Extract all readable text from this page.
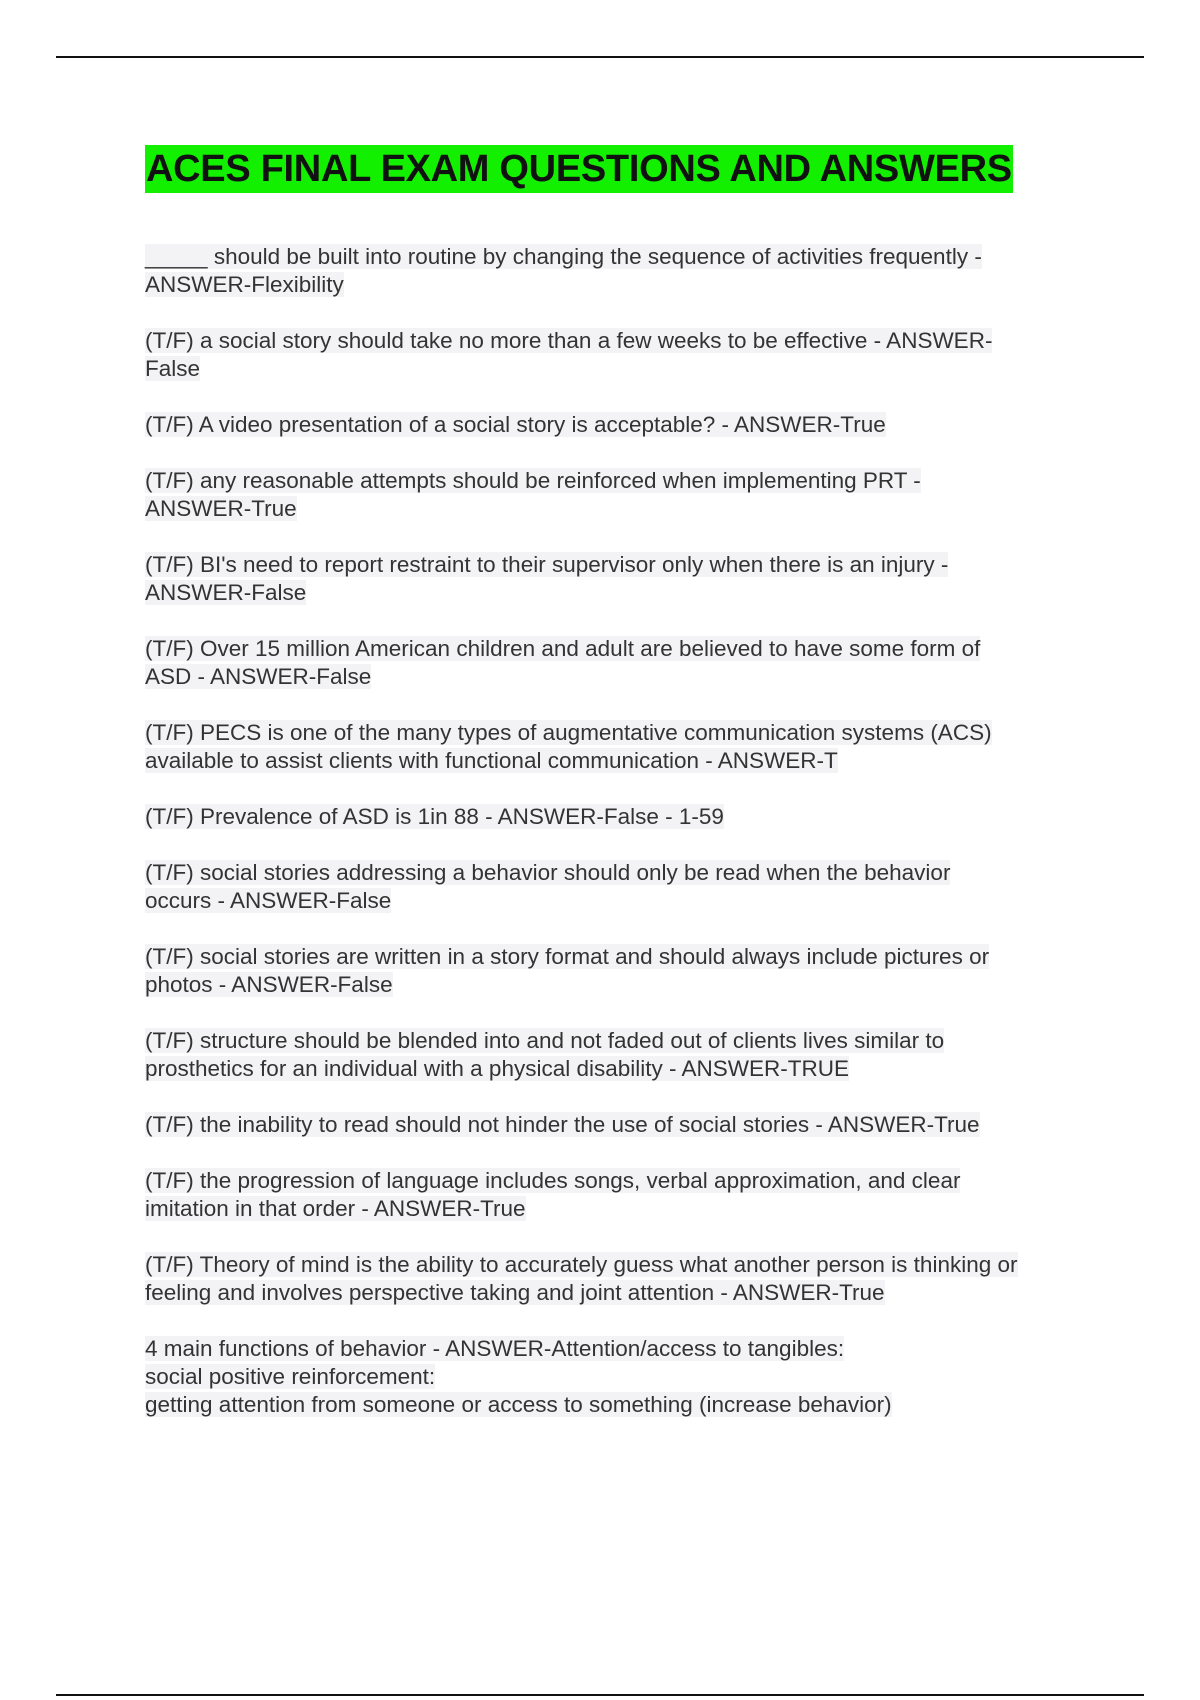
ACES FINAL EXAM QUESTIONS AND ANSWERS
_____ should be built into routine by changing the sequence of activities frequently -
ANSWER-Flexibility
(T/F) a social story should take no more than a few weeks to be effective - ANSWER-
False
(T/F) A video presentation of a social story is acceptable? - ANSWER-True
(T/F) any reasonable attempts should be reinforced when implementing PRT -
ANSWER-True
(T/F) BI's need to report restraint to their supervisor only when there is an injury -
ANSWER-False
(T/F) Over 15 million American children and adult are believed to have some form of
ASD - ANSWER-False
(T/F) PECS is one of the many types of augmentative communication systems (ACS)
available to assist clients with functional communication - ANSWER-T
(T/F) Prevalence of ASD is 1in 88 - ANSWER-False - 1-59
(T/F) social stories addressing a behavior should only be read when the behavior
occurs - ANSWER-False
(T/F) social stories are written in a story format and should always include pictures or
photos - ANSWER-False
(T/F) structure should be blended into and not faded out of clients lives similar to
prosthetics for an individual with a physical disability - ANSWER-TRUE
(T/F) the inability to read should not hinder the use of social stories - ANSWER-True
(T/F) the progression of language includes songs, verbal approximation, and clear
imitation in that order - ANSWER-True
(T/F) Theory of mind is the ability to accurately guess what another person is thinking or
feeling and involves perspective taking and joint attention - ANSWER-True
4 main functions of behavior - ANSWER-Attention/access to tangibles:
social positive reinforcement:
getting attention from someone or access to something (increase behavior)
